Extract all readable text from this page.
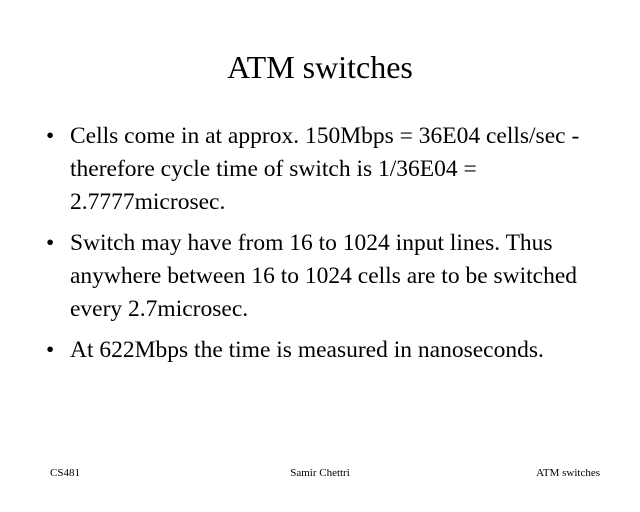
ATM switches
• Cells come in at approx. 150Mbps = 36E04 cells/sec - therefore cycle time of switch is 1/36E04 = 2.7777microsec.
• Switch may have from 16 to 1024 input lines. Thus anywhere between 16 to 1024 cells are to be switched every 2.7microsec.
• At 622Mbps the time is measured in nanoseconds.
CS481	Samir Chettri	ATM switches
